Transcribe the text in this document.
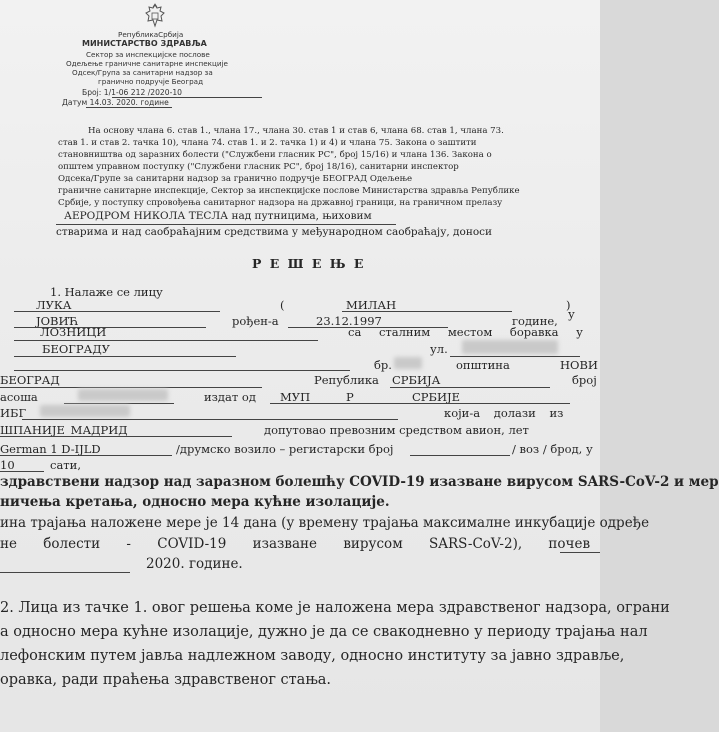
РепубликаСрбија
МИНИСТАРСТВО ЗДРАВЉА
Сектор за инспекцијске послове
Одељење граничне санитарне инспекције
Одсек/Група за санитарни надзор за
гранично подручје Београд
Број: 1/1-06 212 /2020-10
Датум 14.03. 2020. године
На основу члана 6. став 1., члана 17., члана 30. став 1 и став 6, члана 68. став 1, члана 73.
став 1. и став 2. тачка 10), члана 74. став 1. и 2. тачка 1) и 4) и члана 75. Закона о заштити
становништва од заразних болести ("Службени гласник РС", број 15/16) и члана 136. Закона о
општем управном поступку ("Службени гласник РС", број 18/16), санитарни инспектор
Одсека/Групе за санитарни надзор за гранично подручје БЕОГРАД Одељење
граничне санитарне инспекције, Сектор за инспекцијске послове Министарства здравља Републике
Србије, у поступку спровођења санитарног надзора на државној граници, на граничном прелазу
АЕРОДРОМ НИКОЛА ТЕСЛА над путницима, њиховим
стварима и над саобраћајним средствима у међународном саобраћају, доноси
Р Е Ш Е Њ Е
1. Налаже се лицу
ЛУКА	(	МИЛАН	)
ЈОВИЋ	рођен-а	23.12.1997	године, у
ЛОЗНИЦИ	са сталним местом боравка у
БЕОГРАДУ	ул.
бр.	општина	НОВИ
БЕОГРАД	Република СРБИЈА	број
асоша	издат од МУП	Р	СРБИЈЕ
ИБГ	који-а долази из
ШПАНИЈЕ_МАДРИД	допутовао превозним средством авион, лет
German 1 D-IJLD	/друмско возило – регистарски број	/ воз / брод, у
10	сати,
здравствени надзор над заразном болешћу COVID-19 изазване вирусом SARS-CoV-2 и мер
ничења кретања, односно мера кућне изолације.
ина трајања наложене мере је 14 дана (у времену трајања максималне инкубације одређе
не болести - COVID-19 изазване вирусом SARS-CoV-2), почев
2020. године.
2. Лица из тачке 1. овог решења коме је наложена мера здравственог надзора, ограни
а односно мера кућне изолације, дужно је да се свакодневно у периоду трајања нал
лефонским путем јавља надлежном заводу, односно институту за јавно здравље,
оравка, ради праћења здравственог стања.
